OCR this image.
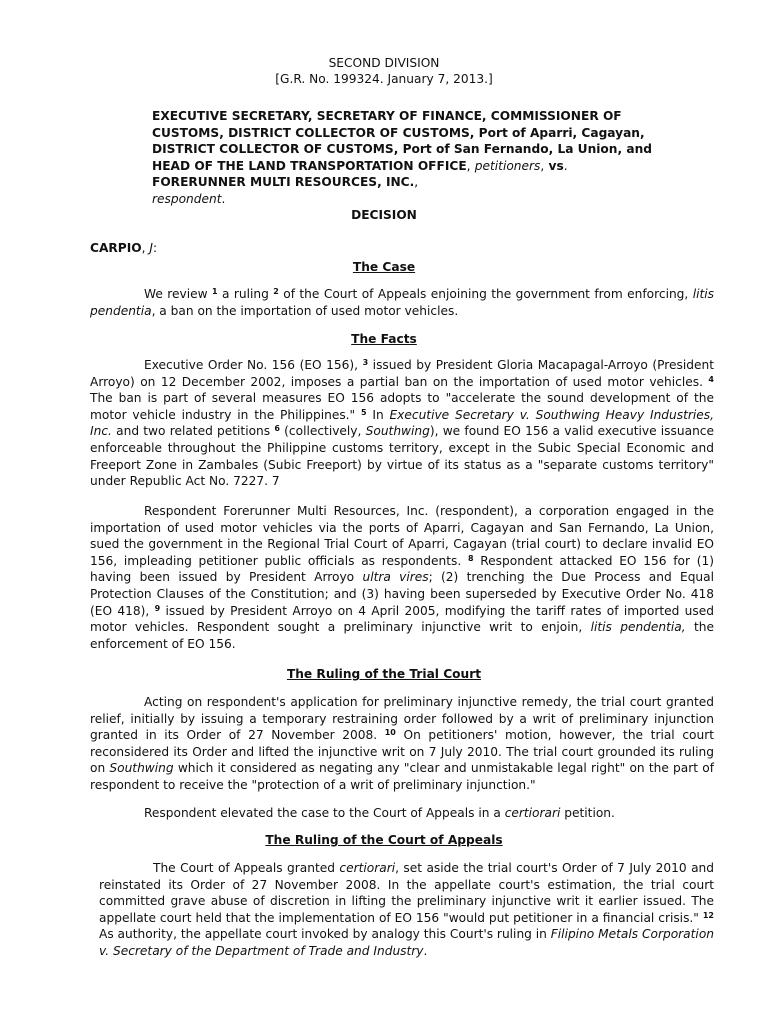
SECOND DIVISION
[G.R. No. 199324. January 7, 2013.]
EXECUTIVE SECRETARY, SECRETARY OF FINANCE, COMMISSIONER OF CUSTOMS, DISTRICT COLLECTOR OF CUSTOMS, Port of Aparri, Cagayan, DISTRICT COLLECTOR OF CUSTOMS, Port of San Fernando, La Union, and HEAD OF THE LAND TRANSPORTATION OFFICE, petitioners, vs. FORERUNNER MULTI RESOURCES, INC.,
respondent.
DECISION
CARPIO, J:
The Case
We review $^1$ a ruling $^2$ of the Court of Appeals enjoining the government from enforcing, litis pendentia, a ban on the importation of used motor vehicles.
The Facts
Executive Order No. 156 (EO 156), $^3$ issued by President Gloria Macapagal-Arroyo (President Arroyo) on 12 December 2002, imposes a partial ban on the importation of used motor vehicles. $^4$ The ban is part of several measures EO 156 adopts to "accelerate the sound development of the motor vehicle industry in the Philippines." $^5$ In Executive Secretary v. Southwing Heavy Industries, Inc. and two related petitions $^6$ (collectively, Southwing), we found EO 156 a valid executive issuance enforceable throughout the Philippine customs territory, except in the Subic Special Economic and Freeport Zone in Zambales (Subic Freeport) by virtue of its status as a "separate customs territory" under Republic Act No. 7227. 7
Respondent Forerunner Multi Resources, Inc. (respondent), a corporation engaged in the importation of used motor vehicles via the ports of Aparri, Cagayan and San Fernando, La Union, sued the government in the Regional Trial Court of Aparri, Cagayan (trial court) to declare invalid EO 156, impleading petitioner public officials as respondents. $^8$ Respondent attacked EO 156 for (1) having been issued by President Arroyo ultra vires; (2) trenching the Due Process and Equal Protection Clauses of the Constitution; and (3) having been superseded by Executive Order No. 418 (EO 418), $^9$ issued by President Arroyo on 4 April 2005, modifying the tariff rates of imported used motor vehicles. Respondent sought a preliminary injunctive writ to enjoin, litis pendentia, the enforcement of EO 156.
The Ruling of the Trial Court
Acting on respondent's application for preliminary injunctive remedy, the trial court granted relief, initially by issuing a temporary restraining order followed by a writ of preliminary injunction granted in its Order of 27 November 2008. $^{10}$ On petitioners' motion, however, the trial court reconsidered its Order and lifted the injunctive writ on 7 July 2010. The trial court grounded its ruling on Southwing which it considered as negating any "clear and unmistakable legal right" on the part of respondent to receive the "protection of a writ of preliminary injunction."
Respondent elevated the case to the Court of Appeals in a certiorari petition.
The Ruling of the Court of Appeals
The Court of Appeals granted certiorari, set aside the trial court's Order of 7 July 2010 and reinstated its Order of 27 November 2008. In the appellate court's estimation, the trial court committed grave abuse of discretion in lifting the preliminary injunctive writ it earlier issued. The appellate court held that the implementation of EO 156 "would put petitioner in a financial crisis." $^{12}$ As authority, the appellate court invoked by analogy this Court's ruling in Filipino Metals Corporation v. Secretary of the Department of Trade and Industry.
